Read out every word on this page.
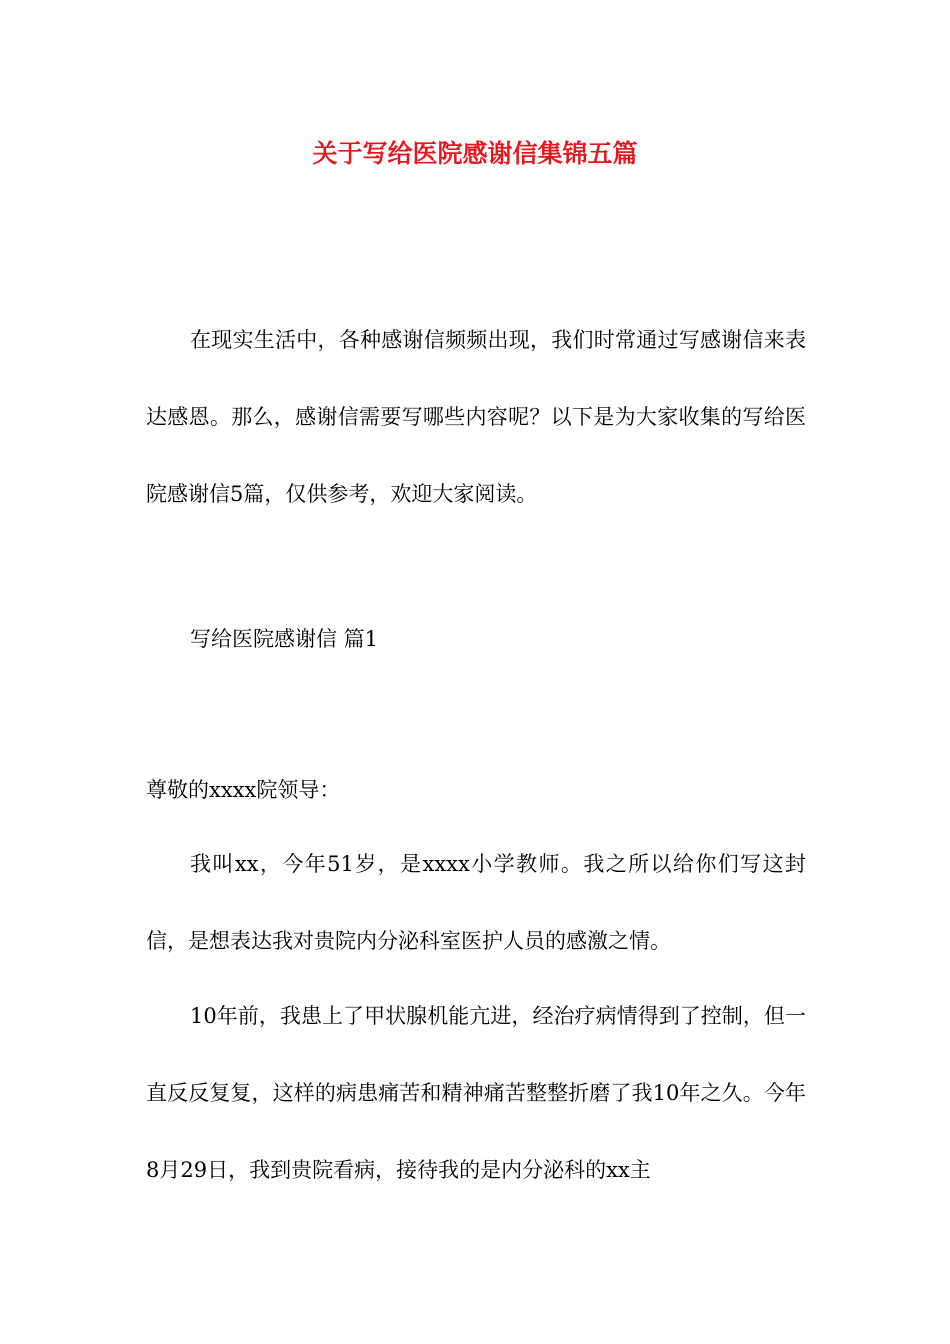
关于写给医院感谢信集锦五篇
在现实生活中，各种感谢信频频出现，我们时常通过写感谢信来表达感恩。那么，感谢信需要写哪些内容呢？以下是为大家收集的写给医院感谢信5篇，仅供参考，欢迎大家阅读。
写给医院感谢信 篇1
尊敬的xxxx院领导：
我叫xx，今年51岁，是xxxx小学教师。我之所以给你们写这封信，是想表达我对贵院内分泌科室医护人员的感激之情。
10年前，我患上了甲状腺机能亢进，经治疗病情得到了控制，但一直反反复复，这样的病患痛苦和精神痛苦整整折磨了我10年之久。今年8月29日，我到贵院看病，接待我的是内分泌科的xx主
